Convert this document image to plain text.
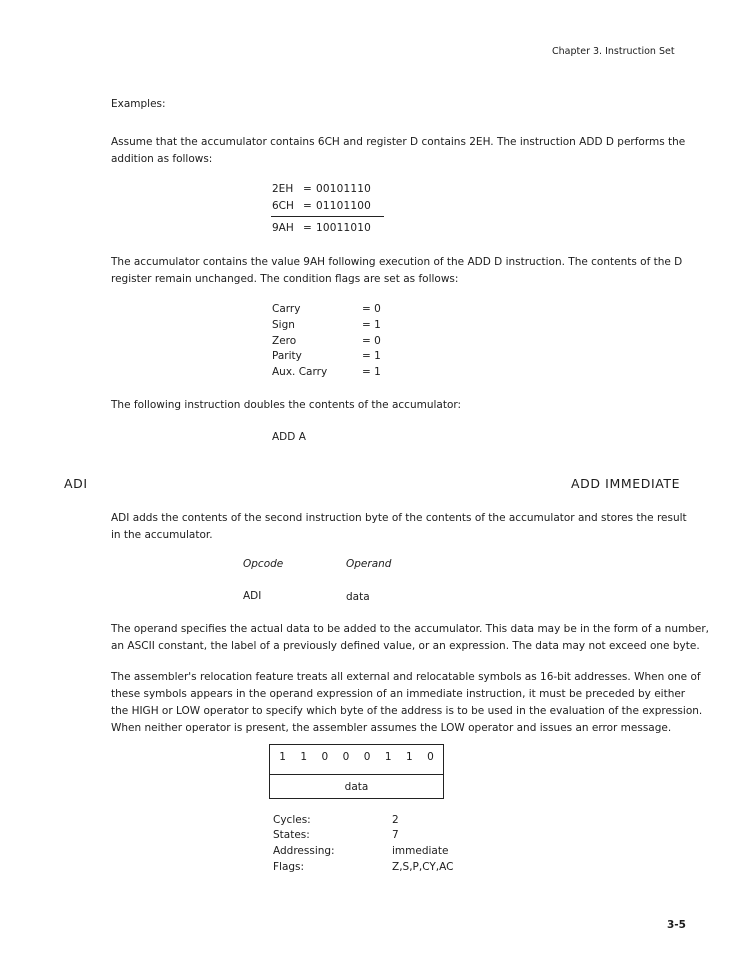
Chapter 3. Instruction Set
Examples:
Assume that the accumulator contains 6CH and register D contains 2EH. The instruction ADD D performs the
addition as follows:
2EH = 00101110
6CH = 01101100
9AH = 10011010
The accumulator contains the value 9AH following execution of the ADD D instruction. The contents of the D
register remain unchanged. The condition flags are set as follows:
Carry	= 0
Sign	= 1
Zero	= 0
Parity	= 1
Aux. Carry	= 1
The following instruction doubles the contents of the accumulator:
ADD A
ADI	ADD IMMEDIATE
ADI adds the contents of the second instruction byte of the contents of the accumulator and stores the result
in the accumulator.
Opcode	Operand
ADI	data
The operand specifies the actual data to be added to the accumulator. This data may be in the form of a number,
an ASCII constant, the label of a previously defined value, or an expression. The data may not exceed one byte.
The assembler's relocation feature treats all external and relocatable symbols as 16-bit addresses. When one of
these symbols appears in the operand expression of an immediate instruction, it must be preceded by either
the HIGH or LOW operator to specify which byte of the address is to be used in the evaluation of the expression.
When neither operator is present, the assembler assumes the LOW operator and issues an error message.
1	1	0	0	0	1	1	0
data
Cycles:	2
States:	7
Addressing:	immediate
Flags:	Z,S,P,CY,AC
3-5
